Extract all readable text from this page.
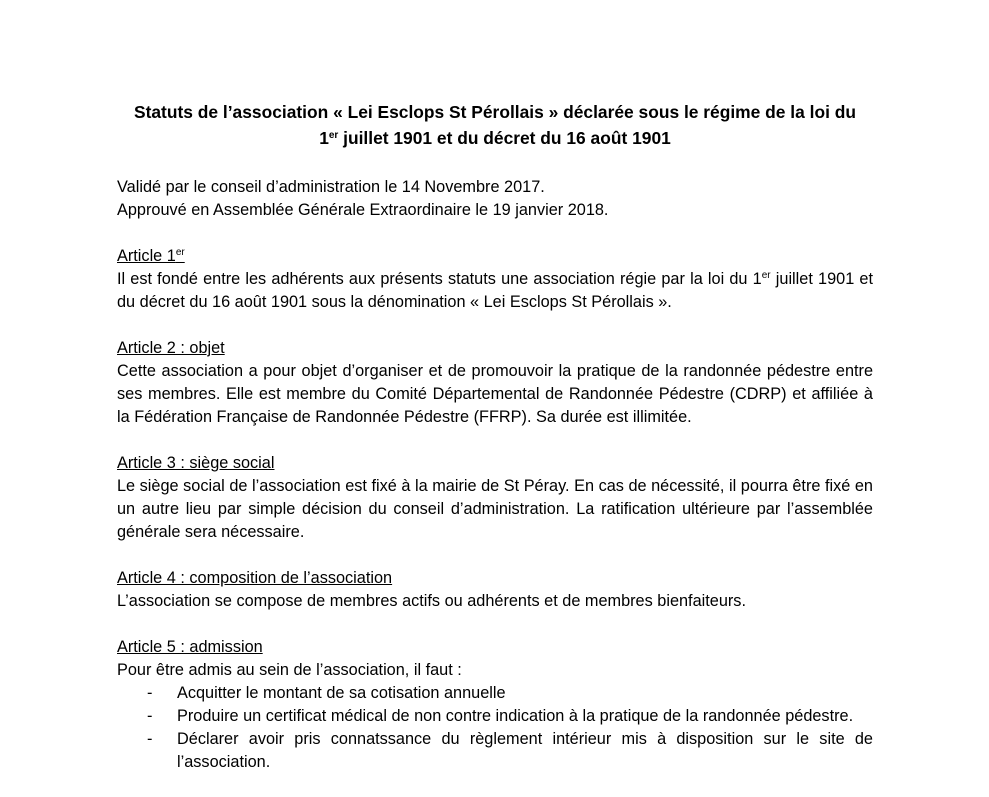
Statuts de l’association « Lei Esclops St Pérollais » déclarée sous le régime de la loi du
1er juillet 1901 et du décret du 16 août 1901

Validé par le conseil d’administration le 14 Novembre 2017.

Approuvé en Assemblée Générale Extraordinaire le 19 janvier 2018.

Article 1er

Il est fondé entre les adhérents aux présents statuts une association régie par la loi du 1er juillet 1901 et du décret du 16 août 1901 sous la dénomination « Lei Esclops St Pérollais ».

Article 2 : objet

Cette association a pour objet d’organiser et de promouvoir la pratique de la randonnée pédestre entre ses membres. Elle est membre du Comité Départemental de Randonnée Pédestre (CDRP) et affiliée à la Fédération Française de Randonnée Pédestre (FFRP). Sa durée est illimitée.

Article 3 : siège social

Le siège social de l’association est fixé à la mairie de St Péray. En cas de nécessité, il pourra être fixé en un autre lieu par simple décision du conseil d’administration. La ratification ultérieure par l’assemblée générale sera nécessaire.

Article 4 : composition de l’association

L’association se compose de membres actifs ou adhérents et de membres bienfaiteurs.

Article 5 : admission

Pour être admis au sein de l’association, il faut :

- Acquitter le montant de sa cotisation annuelle
- Produire un certificat médical de non contre indication à la pratique de la randonnée pédestre.
- Déclarer avoir pris connatssance du règlement intérieur mis à disposition sur le site de l’association.
